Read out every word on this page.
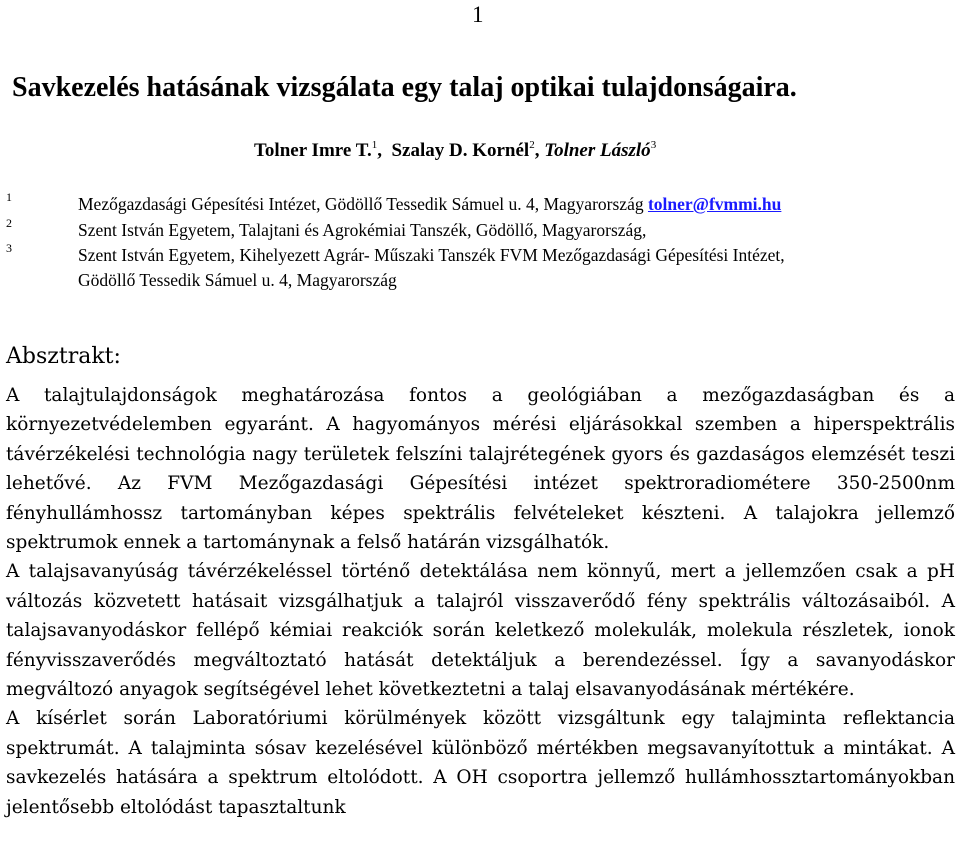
1
Savkezelés hatásának vizsgálata egy talaj optikai tulajdonságaira.
Tolner Imre T.$^1$, Szalay D. Kornél$^2$, Tolner László$^3$
1	Mezőgazdasági Gépesítési Intézet, Gödöllő Tessedik Sámuel u. 4, Magyarország tolner@fvmmi.hu
2	Szent István Egyetem, Talajtani és Agrokémiai Tanszék, Gödöllő, Magyarország,
3	Szent István Egyetem, Kihelyezett Agrár- Műszaki Tanszék FVM Mezőgazdasági Gépesítési Intézet,
Gödöllő Tessedik Sámuel u. 4, Magyarország
Absztrakt:

A talajtulajdonságok meghatározása fontos a geológiában a mezőgazdaságban és a környezetvédelemben egyaránt. A hagyományos mérési eljárásokkal szemben a hiperspektrális távérzékelési technológia nagy területek felszíni talajrétegének gyors és gazdaságos elemzését teszi lehetővé. Az FVM Mezőgazdasági Gépesítési intézet spektroradiométere 350-2500nm fényhullámhossz tartományban képes spektrális felvételeket készteni. A talajokra jellemző spektrumok ennek a tartománynak a felső határán vizsgálhatók.

A talajsavanyúság távérzékeléssel történő detektálása nem könnyű, mert a jellemzően csak a pH változás közvetett hatásait vizsgálhatjuk a talajról visszaverődő fény spektrális változásaiból. A talajsavanyodáskor fellépő kémiai reakciók során keletkező molekulák, molekula részletek, ionok fényvisszaverődés megváltoztató hatását detektáljuk a berendezéssel. Így a savanyodáskor megváltozó anyagok segítségével lehet következtetni a talaj elsavanyodásának mértékére.

A kísérlet során Laboratóriumi körülmények között vizsgáltunk egy talajminta reflektancia spektrumát. A talajminta sósav kezelésével különböző mértékben megsavanyítottuk a mintákat. A savkezelés hatására a spektrum eltolódott. A OH csoportra jellemző hullámhossztartományokban jelentősebb eltolódást tapasztaltunk
